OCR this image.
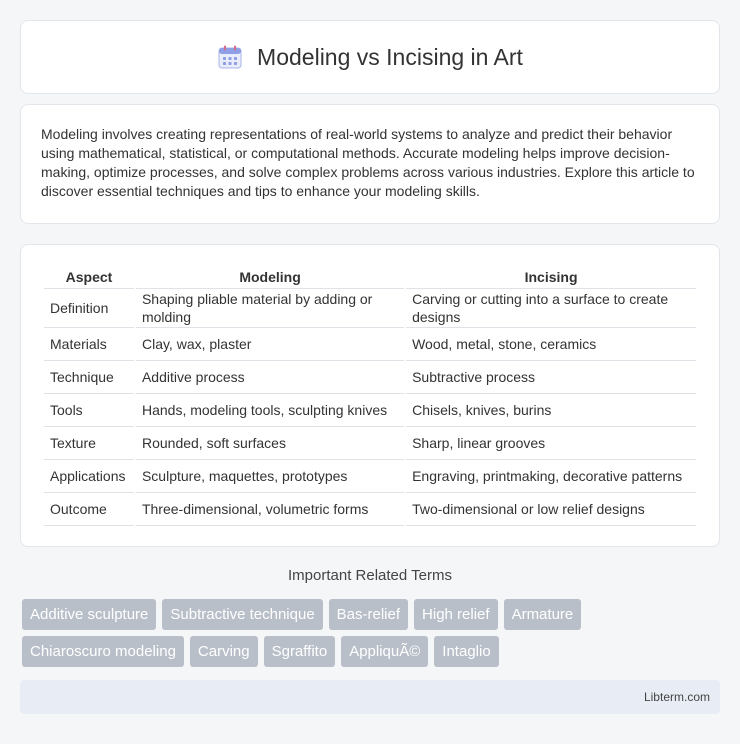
Modeling vs Incising in Art

Modeling involves creating representations of real-world systems to analyze and predict their behavior using mathematical, statistical, or computational methods. Accurate modeling helps improve decision-making, optimize processes, and solve complex problems across various industries. Explore this article to discover essential techniques and tips to enhance your modeling skills.

Aspect	Modeling	Incising
Definition	Shaping pliable material by adding or molding	Carving or cutting into a surface to create designs
Materials	Clay, wax, plaster	Wood, metal, stone, ceramics
Technique	Additive process	Subtractive process
Tools	Hands, modeling tools, sculpting knives	Chisels, knives, burins
Texture	Rounded, soft surfaces	Sharp, linear grooves
Applications	Sculpture, maquettes, prototypes	Engraving, printmaking, decorative patterns
Outcome	Three-dimensional, volumetric forms	Two-dimensional or low relief designs
Important Related Terms
Additive sculpture	Subtractive technique	Bas-relief	High relief	Armature
Chiaroscuro modeling	Carving	Sgraffito	AppliquÃ©	Intaglio
Libterm.com
